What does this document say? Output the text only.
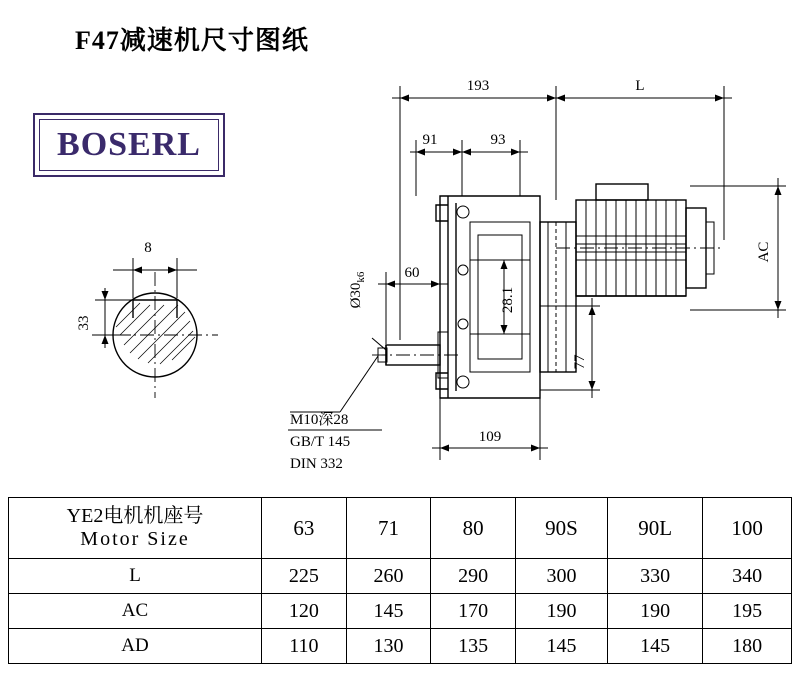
F47减速机尺寸图纸
BOSERL
8
33
193	L
91	93
60
$Ø30_{k6}$
28.1
77
AC
109
M10深28
GB/T 145
DIN 332
YE2电机机座号
Motor Size	63	71	80	90S	90L	100
L	225	260	290	300	330	340
AC	120	145	170	190	190	195
AD	110	130	135	145	145	180
